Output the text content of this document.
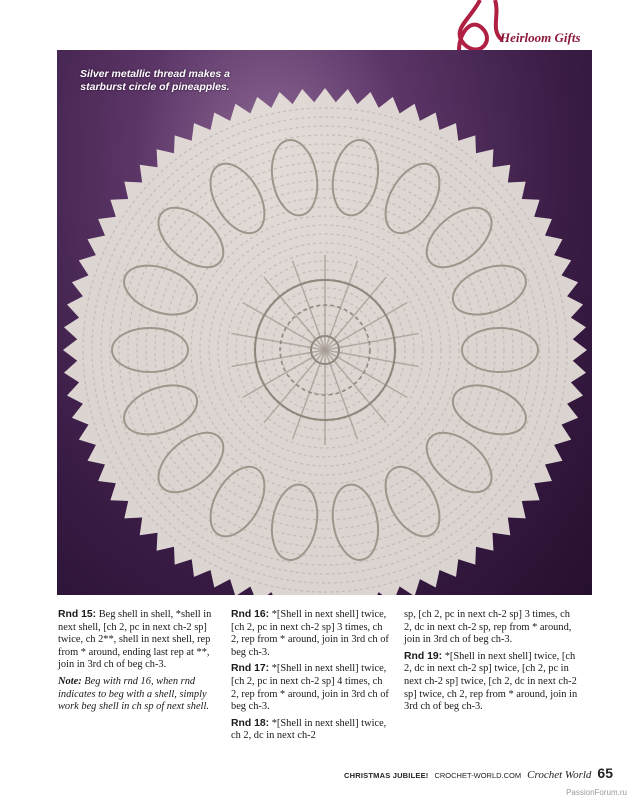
Heirloom Gifts
Silver metallic thread makes a starburst circle of pineapples.

Rnd 15: Beg shell in shell, *shell in next shell, [ch 2, pc in next ch-2 sp] twice, ch 2**, shell in next shell, rep from * around, ending last rep at **, join in 3rd ch of beg ch-3.

Note: Beg with rnd 16, when rnd indicates to beg with a shell, simply work beg shell in ch sp of next shell.

Rnd 16: *[Shell in next shell] twice, [ch 2, pc in next ch-2 sp] 3 times, ch 2, rep from * around, join in 3rd ch of beg ch-3.

Rnd 17: *[Shell in next shell] twice, [ch 2, pc in next ch-2 sp] 4 times, ch 2, rep from * around, join in 3rd ch of beg ch-3.

Rnd 18: *[Shell in next shell] twice, ch 2, dc in next ch-2

sp, [ch 2, pc in next ch-2 sp] 3 times, ch 2, dc in next ch-2 sp, rep from * around, join in 3rd ch of beg ch-3.

Rnd 19: *[Shell in next shell] twice, [ch 2, dc in next ch-2 sp] twice, [ch 2, pc in next ch-2 sp] twice, [ch 2, dc in next ch-2 sp] twice, ch 2, rep from * around, join in 3rd ch of beg ch-3.

CHRISTMAS JUBILEE! CROCHET-WORLD.COM Crochet World 65
PassionForum.ru
